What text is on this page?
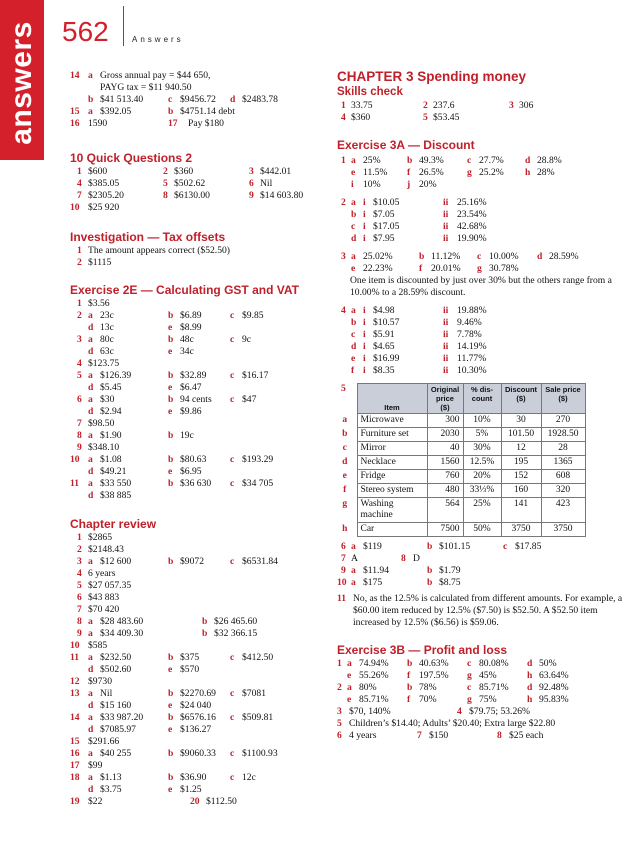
answers 562	Answers
14 a Gross annual pay = $44 650,
PAYG tax = $11 940.50
b $41 513.40	c $9456.72 d $2483.78
15 a $392.05	b $4751.14 debt
16 1590	17 Pay $180
10 Quick Questions 2
1 $600	2 $360	3 $442.01
4 $385.05	5 $502.62	6 Nil
7 $2305.20	8 $6130.00	9 $14 603.80
10 $25 920
Investigation — Tax offsets
1 The amount appears correct ($52.50)
2 $1115
Exercise 2E — Calculating GST and VAT
1 $3.56
2 a 23c	b $6.89	c $9.85
d 13c	e $8.99
3 a 80c	b 48c	c 9c
d 63c	e 34c
4 $123.75
5 a $126.39	b $32.89 c $16.17
d $5.45	e $6.47
6 a $30	b 94 cents c $47
d $2.94	e $9.86
7 $98.50
8 a $1.90	b 19c
9 $348.10
10 a $1.08	b $80.63 c $193.29
d $49.21	e $6.95
11 a $33 550	b $36 630 c $34 705
d $38 885
Chapter review
1 $2865
2 $2148.43
3 a $12 600	b $9072	c $6531.84
4 6 years
5 $27 057.35
6 $43 883
7 $70 420
8 a $28 483.60	b $26 465.60
9 a $34 409.30	b $32 366.15
10 $585
11 a $232.50	b $375	c $412.50
d $502.60	e $570
12 $9730
13 a Nil	b $2270.69 c $7081
d $15 160	e $24 040
14 a $33 987.20	b $6576.16 c $509.81
d $7085.97	e $136.27
15 $291.66
16 a $40 255	b $9060.33 c $1100.93
17 $99
18 a $1.13	b $36.90 c 12c
d $3.75	e $1.25
19 $22	20 $112.50
CHAPTER 3 Spending money
Skills check
1 33.75	2 237.6	3 306
4 $360	5 $53.45
Exercise 3A — Discount
1 a 25%	b 49.3% c 27.7% d 28.8%
e 11.5% f 26.5% g 25.2% h 28%
i 10%	j 20%
2 a i $10.05	ii 25.16%
b i $7.05	ii 23.54%
c i $17.05	ii 42.68%
d i $7.95	ii 19.90%
3 a 25.02%	b 11.12% c 10.00% d 28.59%
e 22.23%	f 20.01% g 30.78%
One item is discounted by just over 30% but the others range from a 10.00% to a 28.59% discount.
4 a i $4.98	ii 19.88%
b i $10.57	ii 9.46%
c i $5.91	ii 7.78%
d i $4.65	ii 14.19%
e i $16.99	ii 11.77%
f i $8.35	ii 10.30%
5
	Item	Original price ($)	% dis-count	Discount ($)	Sale price ($)
a	Microwave	300	10%	30	270
b	Furniture set	2030	5%	101.50	1928.50
c	Mirror	40	30%	12	28
d	Necklace	1560	12.5%	195	1365
e	Fridge	760	20%	152	608
f	Stereo system	480	33⅓%	160	320
g	Washing machine	564	25%	141	423
h	Car	7500	50%	3750	3750
6 a $119	b $101.15	c $17.85
7 A	8 D
9 a $11.94	b $1.79
10 a $175	b $8.75
11 No, as the 12.5% is calculated from different amounts. For example, a $60.00 item reduced by 12.5% ($7.50) is $52.50. A $52.50 item increased by 12.5% ($6.56) is $59.06.
Exercise 3B — Profit and loss
1 a 74.94% b 40.63% c 80.08% d 50%
e 55.26% f 197.5% g 45%	h 63.64%
2 a 80%	b 78%	c 85.71% d 92.48%
e 85.71% f 70%	g 75%	h 95.83%
3 $70, 140%	4 $79.75; 53.26%
5 Children’s $14.40; Adults’ $20.40; Extra large $22.80
6 4 years	7 $150	8 $25 each
